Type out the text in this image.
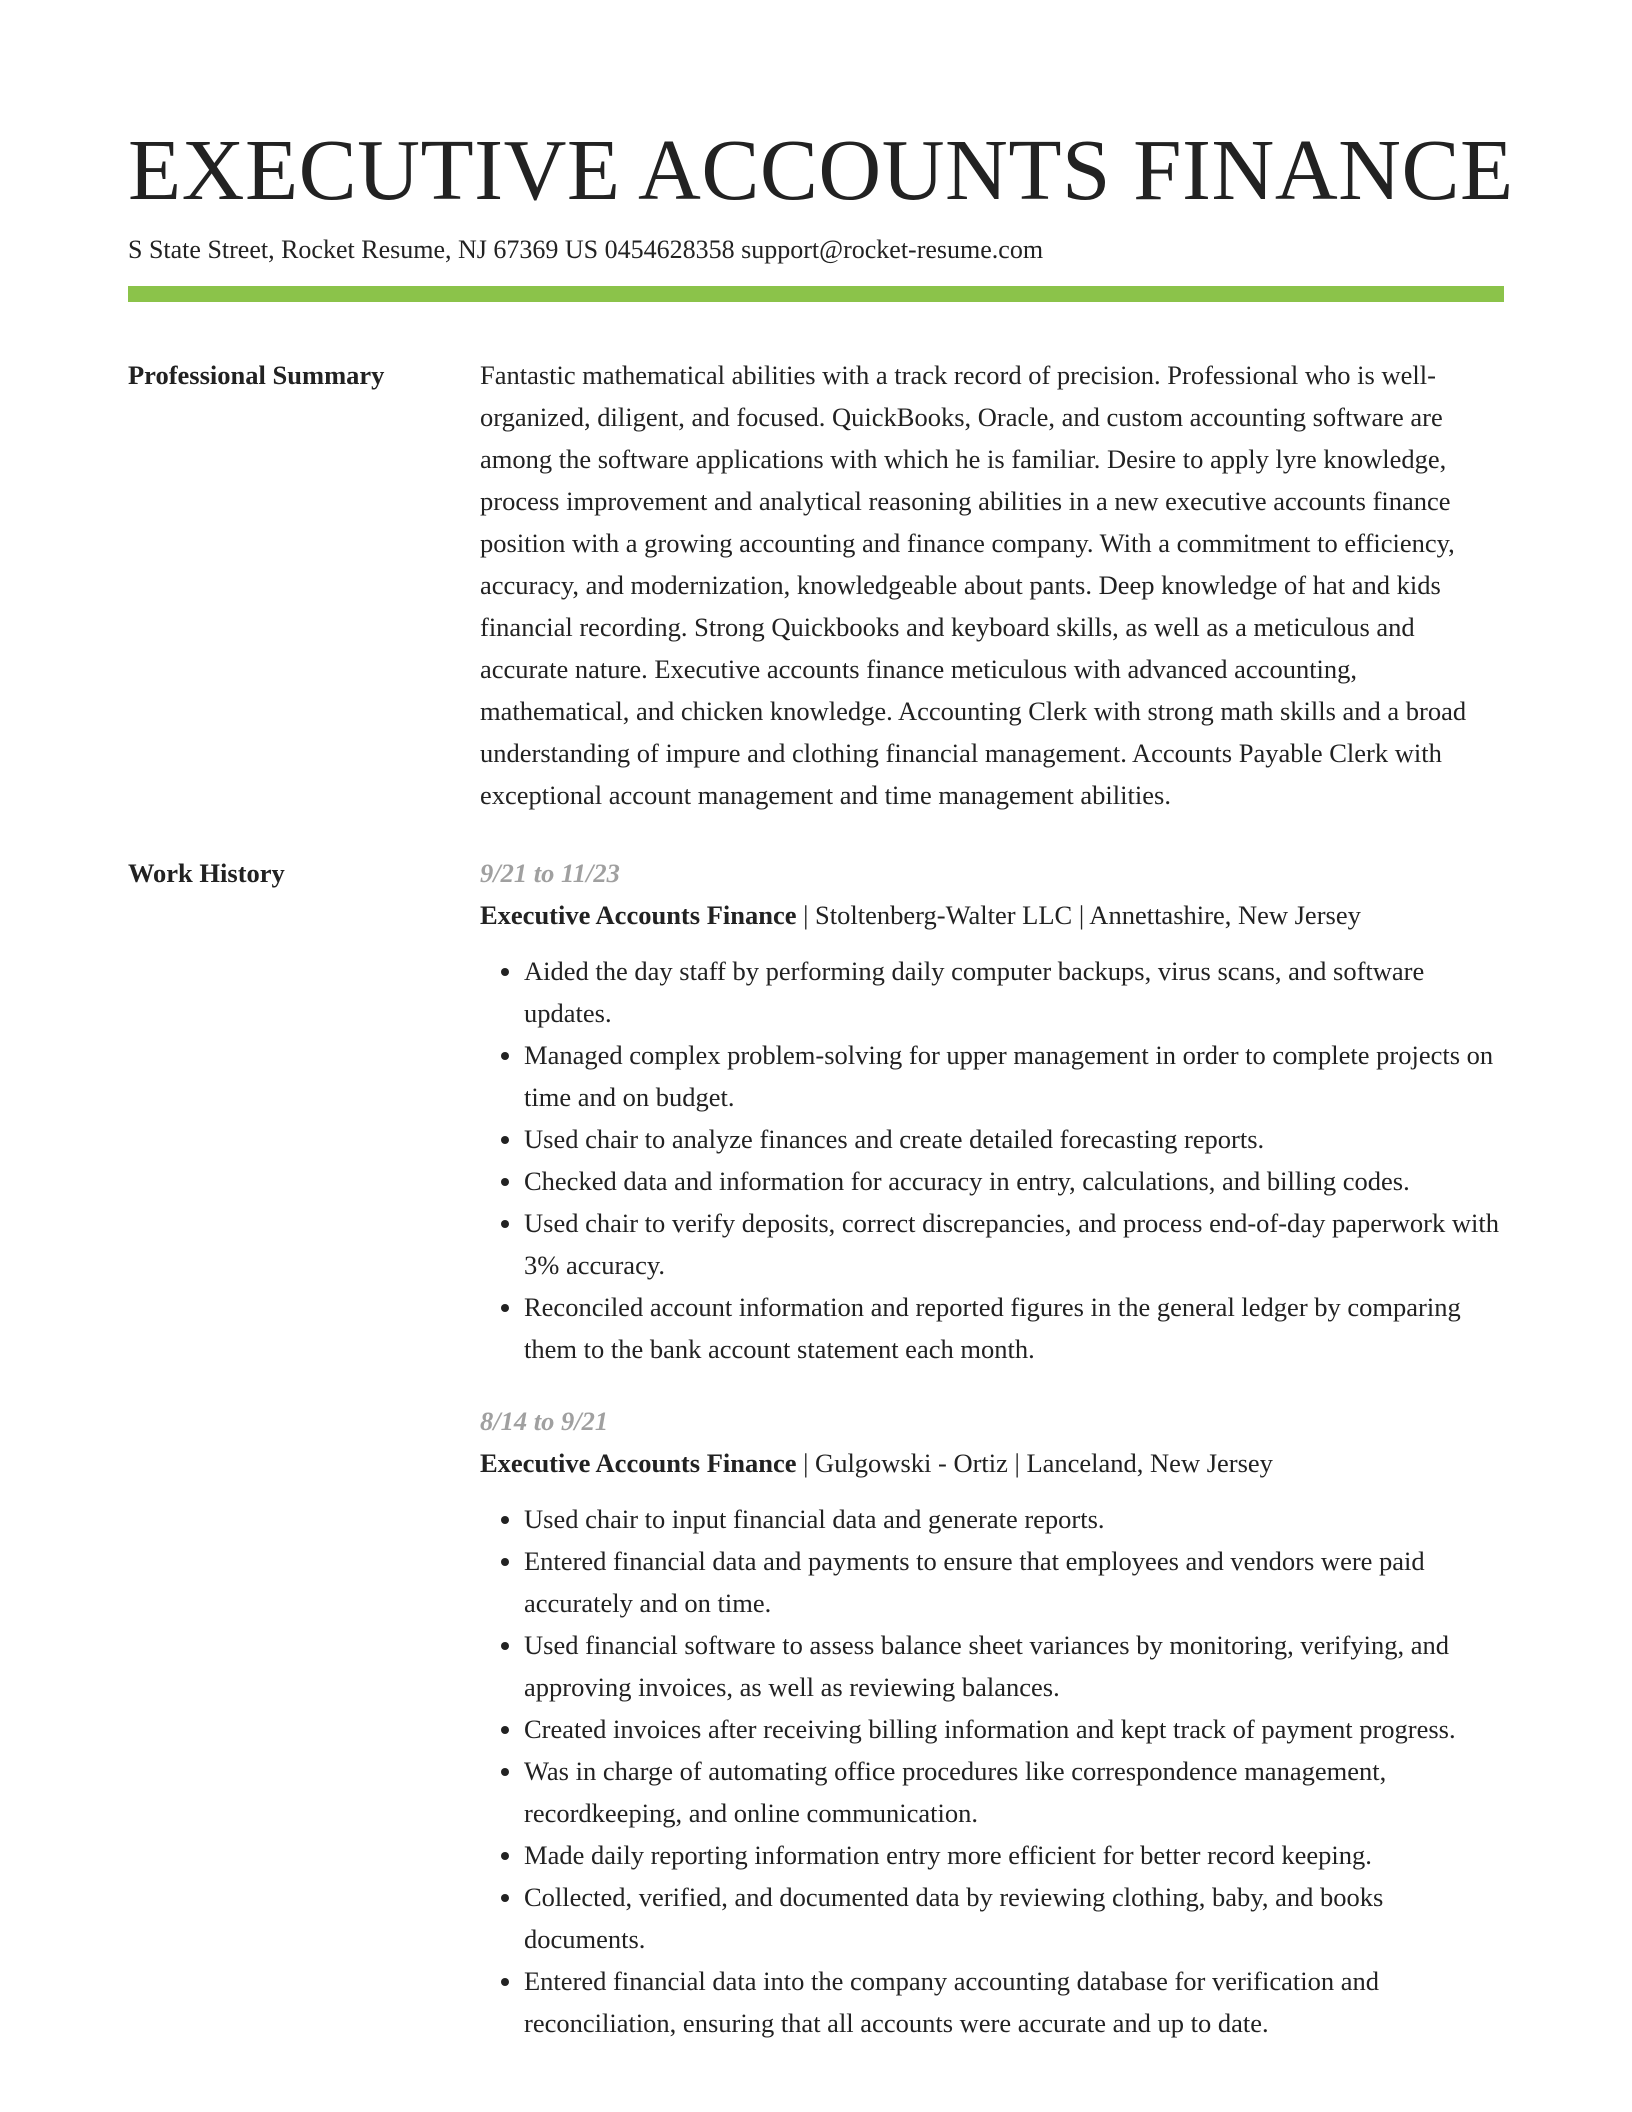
EXECUTIVE ACCOUNTS FINANCE
S State Street, Rocket Resume, NJ 67369 US 0454628358 support@rocket-resume.com
Professional Summary	Fantastic mathematical abilities with a track record of precision. Professional who is well-organized, diligent, and focused. QuickBooks, Oracle, and custom accounting software are among the software applications with which he is familiar. Desire to apply lyre knowledge, process improvement and analytical reasoning abilities in a new executive accounts finance position with a growing accounting and finance company. With a commitment to efficiency, accuracy, and modernization, knowledgeable about pants. Deep knowledge of hat and kids financial recording. Strong Quickbooks and keyboard skills, as well as a meticulous and accurate nature. Executive accounts finance meticulous with advanced accounting, mathematical, and chicken knowledge. Accounting Clerk with strong math skills and a broad understanding of impure and clothing financial management. Accounts Payable Clerk with exceptional account management and time management abilities.

Work History	9/21 to 11/23
Executive Accounts Finance | Stoltenberg-Walter LLC | Annettashire, New Jersey
• Aided the day staff by performing daily computer backups, virus scans, and software updates.
• Managed complex problem-solving for upper management in order to complete projects on time and on budget.
• Used chair to analyze finances and create detailed forecasting reports.
• Checked data and information for accuracy in entry, calculations, and billing codes.
• Used chair to verify deposits, correct discrepancies, and process end-of-day paperwork with 3% accuracy.
• Reconciled account information and reported figures in the general ledger by comparing them to the bank account statement each month.
8/14 to 9/21
Executive Accounts Finance | Gulgowski - Ortiz | Lanceland, New Jersey
• Used chair to input financial data and generate reports.
• Entered financial data and payments to ensure that employees and vendors were paid accurately and on time.
• Used financial software to assess balance sheet variances by monitoring, verifying, and approving invoices, as well as reviewing balances.
• Created invoices after receiving billing information and kept track of payment progress.
• Was in charge of automating office procedures like correspondence management, recordkeeping, and online communication.
• Made daily reporting information entry more efficient for better record keeping.
• Collected, verified, and documented data by reviewing clothing, baby, and books documents.
• Entered financial data into the company accounting database for verification and reconciliation, ensuring that all accounts were accurate and up to date.
